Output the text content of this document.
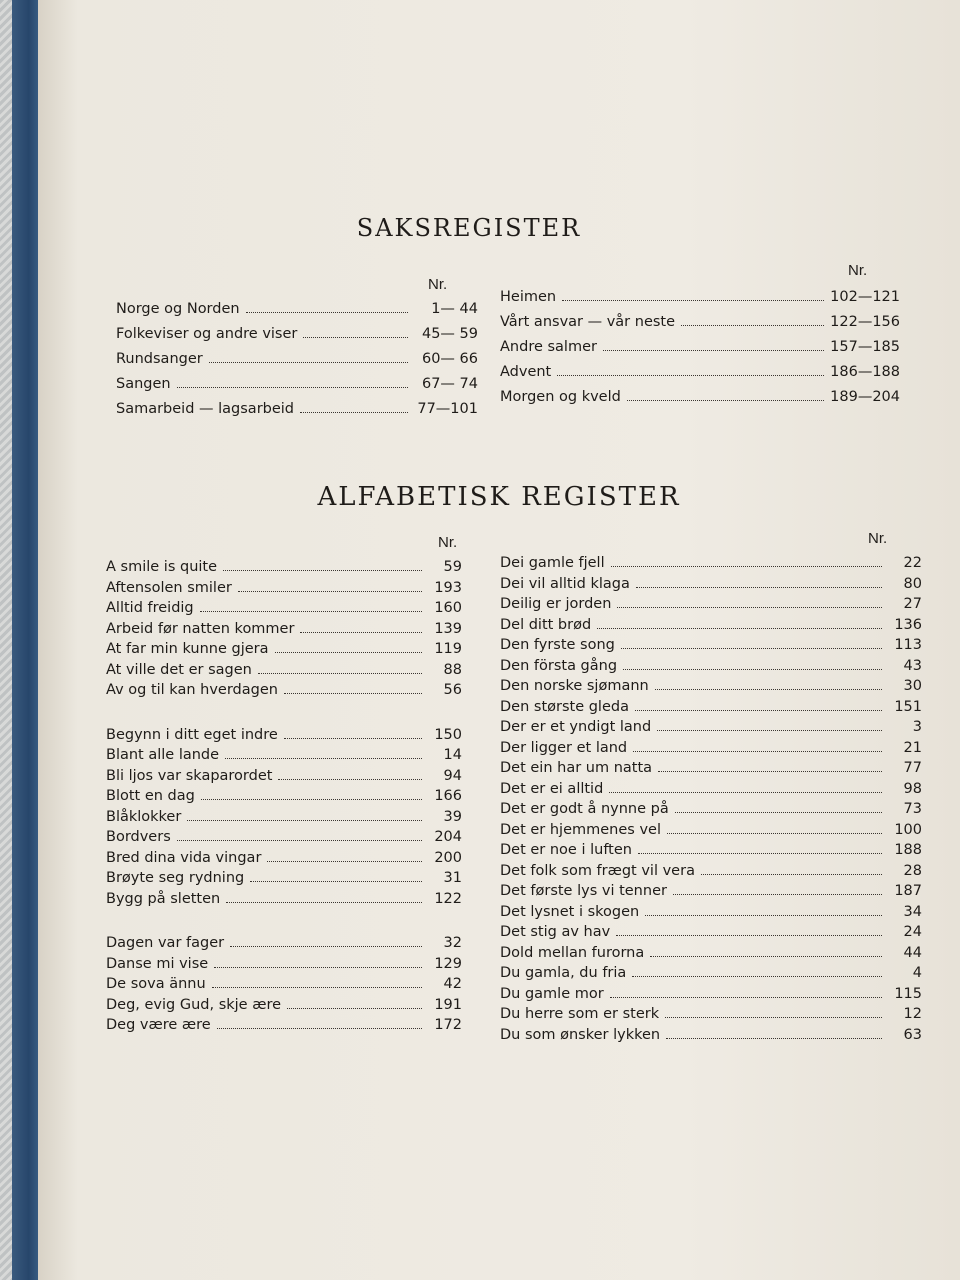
SAKSREGISTER
Nr.
Nr.
Norge og Norden	1— 44
Folkeviser og andre viser	45— 59
Rundsanger	60— 66
Sangen	67— 74
Samarbeid — lagsarbeid	77—101
Heimen	102—121
Vårt ansvar — vår neste	122—156
Andre salmer	157—185
Advent	186—188
Morgen og kveld	189—204
ALFABETISK REGISTER
Nr.	Nr.
A smile is quite	59
Aftensolen smiler	193
Alltid freidig	160
Arbeid før natten kommer	139
At far min kunne gjera	119
At ville det er sagen	88
Av og til kan hverdagen	56
Begynn i ditt eget indre	150
Blant alle lande	14
Bli ljos var skaparordet	94
Blott en dag	166
Blåklokker	39
Bordvers	204
Bred dina vida vingar	200
Brøyte seg rydning	31
Bygg på sletten	122
Dagen var fager	32
Danse mi vise	129
De sova ännu	42
Deg, evig Gud, skje ære	191
Deg være ære	172
Dei gamle fjell	22
Dei vil alltid klaga	80
Deilig er jorden	27
Del ditt brød	136
Den fyrste song	113
Den första gång	43
Den norske sjømann	30
Den største gleda	151
Der er et yndigt land	3
Der ligger et land	21
Det ein har um natta	77
Det er ei alltid	98
Det er godt å nynne på	73
Det er hjemmenes vel	100
Det er noe i luften	188
Det folk som frægt vil vera	28
Det første lys vi tenner	187
Det lysnet i skogen	34
Det stig av hav	24
Dold mellan furorna	44
Du gamla, du fria	4
Du gamle mor	115
Du herre som er sterk	12
Du som ønsker lykken	63
